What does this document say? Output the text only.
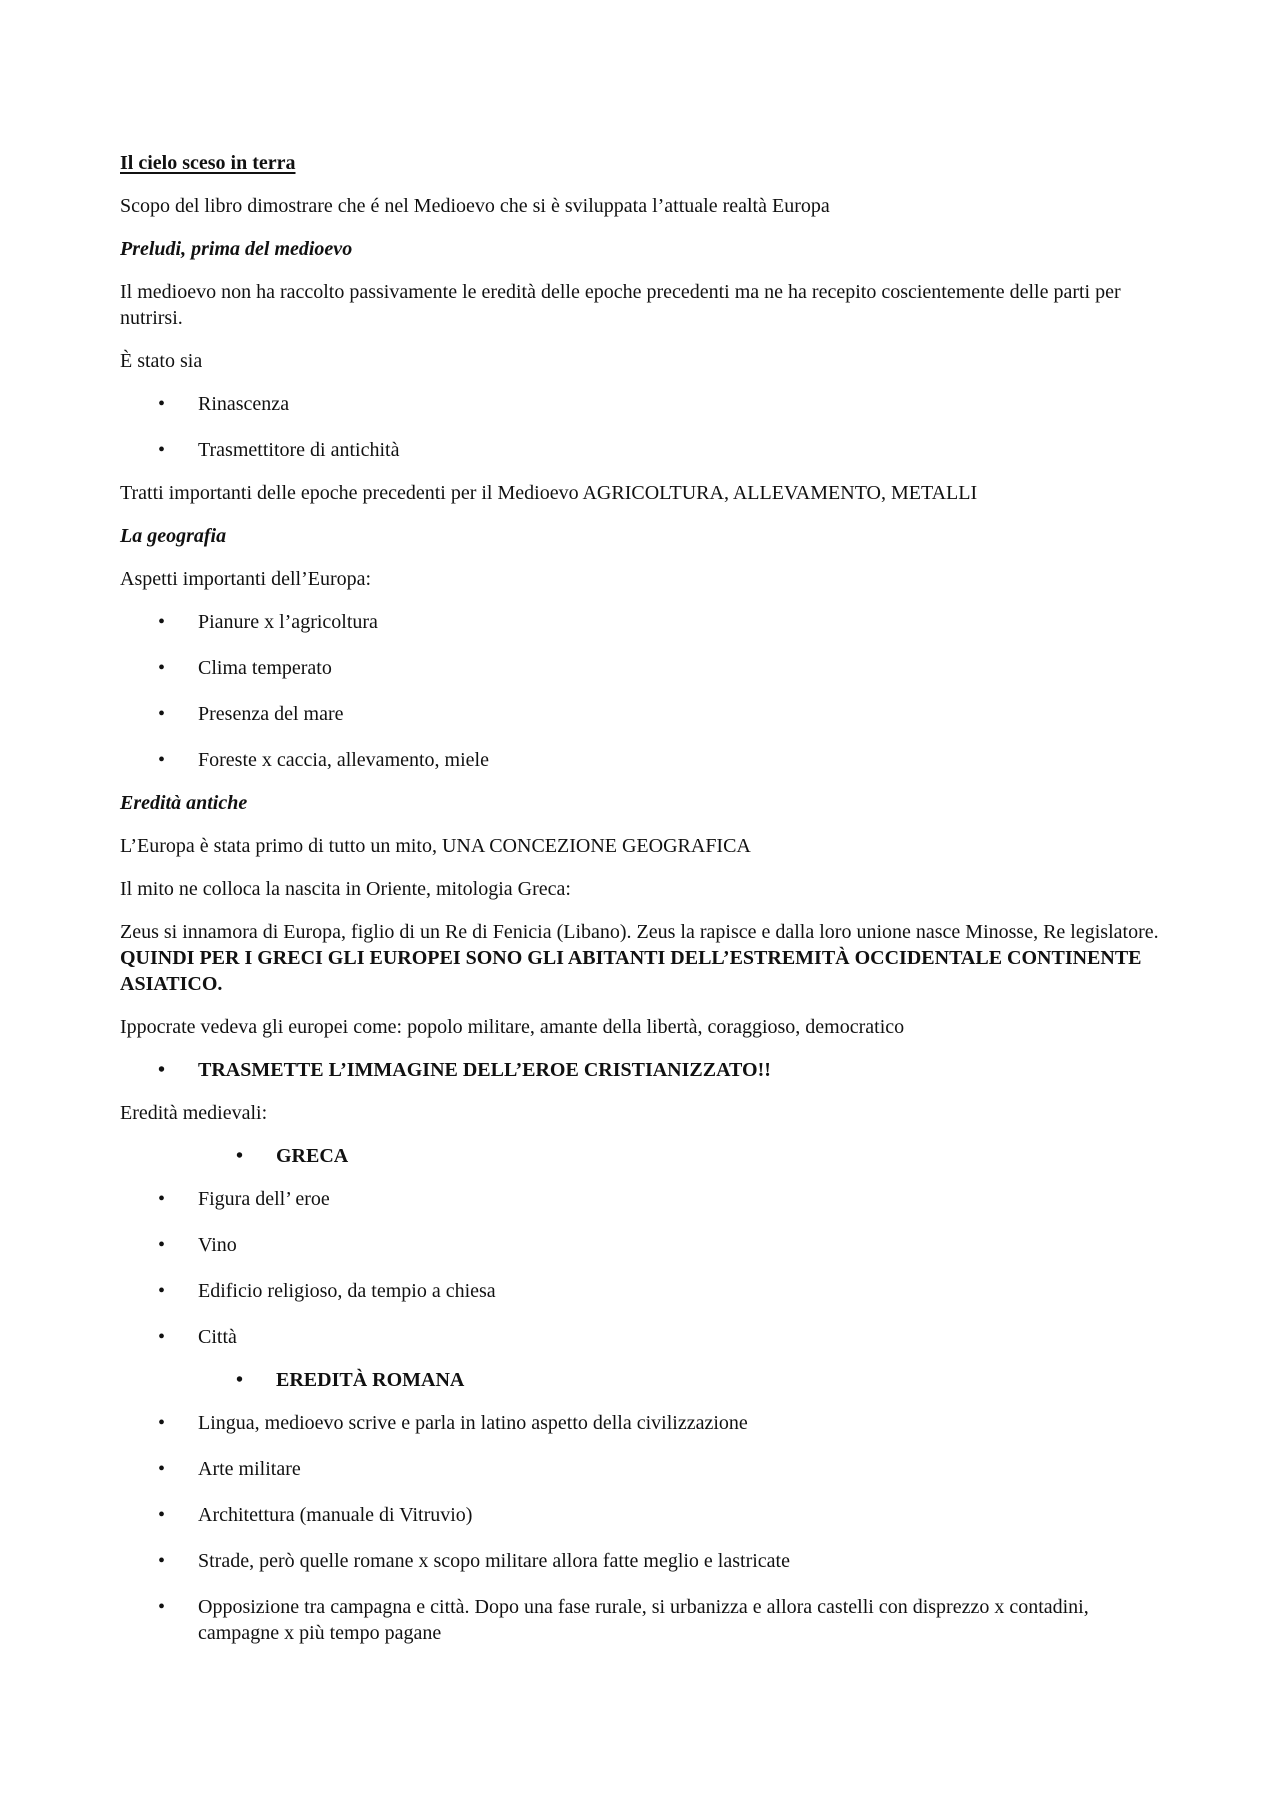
Il cielo sceso in terra

Scopo del libro dimostrare che é nel Medioevo che si è sviluppata l’attuale realtà Europa

Preludi, prima del medioevo

Il medioevo non ha raccolto passivamente le eredità delle epoche precedenti ma ne ha recepito coscientemente delle parti per nutrirsi.

È stato sia

• Rinascenza
• Trasmettitore di antichità

Tratti importanti delle epoche precedenti per il Medioevo AGRICOLTURA, ALLEVAMENTO, METALLI

La geografia

Aspetti importanti dell’Europa:

• Pianure x l’agricoltura
• Clima temperato
• Presenza del mare
• Foreste x caccia, allevamento, miele

Eredità antiche

L’Europa è stata primo di tutto un mito, UNA CONCEZIONE GEOGRAFICA

Il mito ne colloca la nascita in Oriente, mitologia Greca:

Zeus si innamora di Europa, figlio di un Re di Fenicia (Libano). Zeus la rapisce e dalla loro unione nasce Minosse, Re legislatore. QUINDI PER I GRECI GLI EUROPEI SONO GLI ABITANTI DELL’ESTREMITÀ OCCIDENTALE CONTINENTE ASIATICO.

Ippocrate vedeva gli europei come: popolo militare, amante della libertà, coraggioso, democratico

• TRASMETTE L’IMMAGINE DELL’EROE CRISTIANIZZATO!!

Eredità medievali:

• GRECA
• Figura dell’ eroe
• Vino
• Edificio religioso, da tempio a chiesa
• Città
• EREDITÀ ROMANA
• Lingua, medioevo scrive e parla in latino aspetto della civilizzazione
• Arte militare
• Architettura (manuale di Vitruvio)
• Strade, però quelle romane x scopo militare allora fatte meglio e lastricate
• Opposizione tra campagna e città. Dopo una fase rurale, si urbanizza e allora castelli con disprezzo x contadini, campagne x più tempo pagane
